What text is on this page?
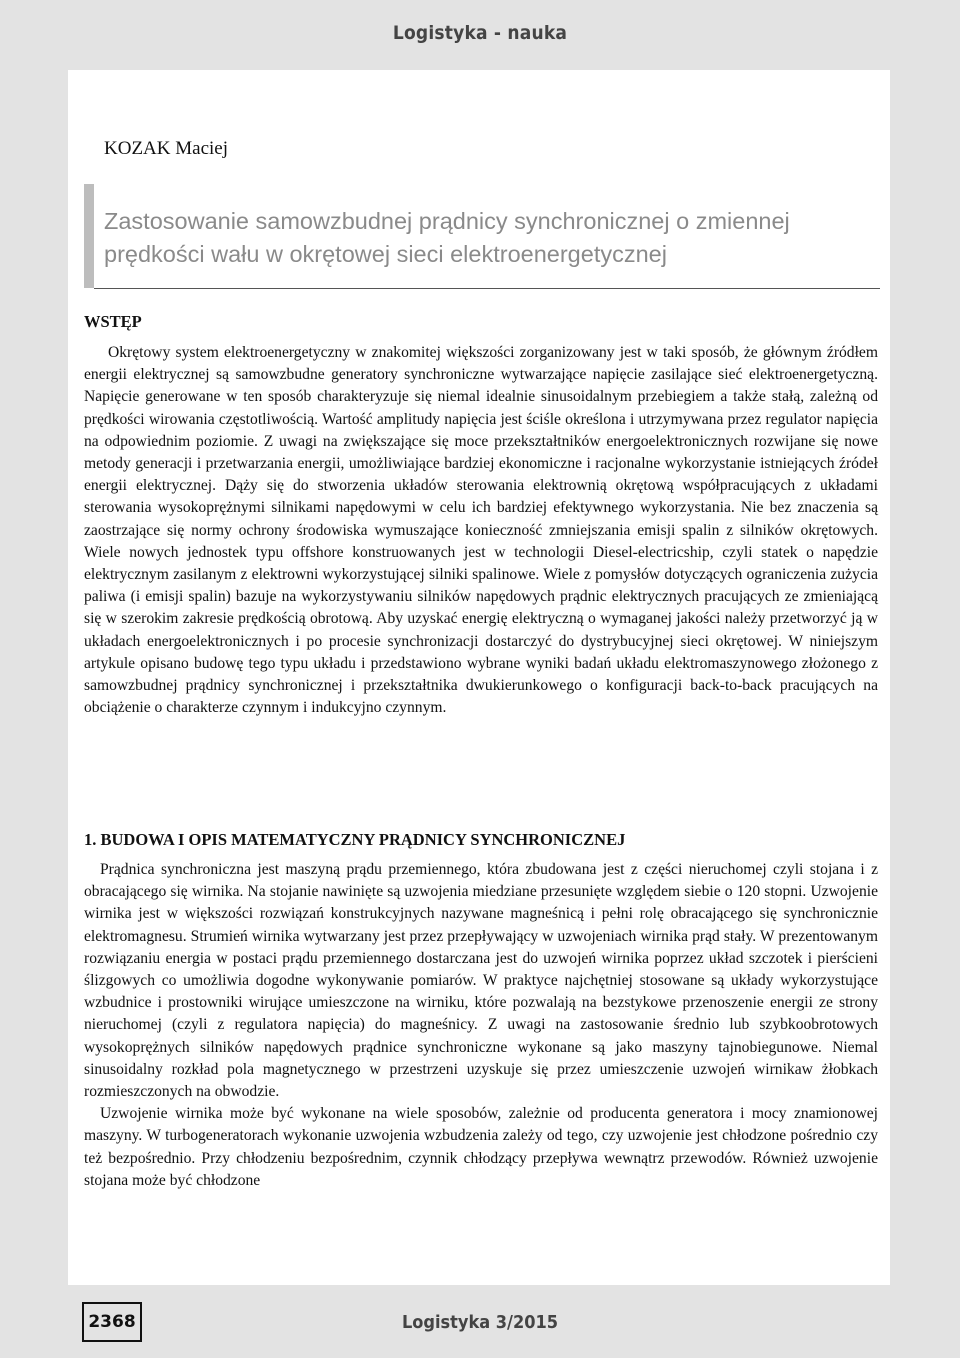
Logistyka - nauka
KOZAK Maciej
Zastosowanie samowzbudnej prądnicy synchronicznej o zmiennej prędkości wału w okrętowej sieci elektroenergetycznej
WSTĘP

Okrętowy system elektroenergetyczny w znakomitej większości zorganizowany jest w taki sposób, że głównym źródłem energii elektrycznej są samowzbudne generatory synchroniczne wytwarzające napięcie zasilające sieć elektroenergetyczną. Napięcie generowane w ten sposób charakteryzuje się niemal idealnie sinusoidalnym przebiegiem a także stałą, zależną od prędkości wirowania częstotliwością. Wartość amplitudy napięcia jest ściśle określona i utrzymywana przez regulator napięcia na odpowiednim poziomie. Z uwagi na zwiększające się moce przekształtników energoelektronicznych rozwijane się nowe metody generacji i przetwarzania energii, umożliwiające bardziej ekonomiczne i racjonalne wykorzystanie istniejących źródeł energii elektrycznej. Dąży się do stworzenia układów sterowania elektrownią okrętową współpracujących z układami sterowania wysokoprężnymi silnikami napędowymi w celu ich bardziej efektywnego wykorzystania. Nie bez znaczenia są zaostrzające się normy ochrony środowiska wymuszające konieczność zmniejszania emisji spalin z silników okrętowych. Wiele nowych jednostek typu offshore konstruowanych jest w technologii Diesel-electricship, czyli statek o napędzie elektrycznym zasilanym z elektrowni wykorzystującej silniki spalinowe. Wiele z pomysłów dotyczących ograniczenia zużycia paliwa (i emisji spalin) bazuje na wykorzystywaniu silników napędowych prądnic elektrycznych pracujących ze zmieniającą się w szerokim zakresie prędkością obrotową. Aby uzyskać energię elektryczną o wymaganej jakości należy przetworzyć ją w układach energoelektronicznych i po procesie synchronizacji dostarczyć do dystrybucyjnej sieci okrętowej. W niniejszym artykule opisano budowę tego typu układu i przedstawiono wybrane wyniki badań układu elektromaszynowego złożonego z samowzbudnej prądnicy synchronicznej i przekształtnika dwukierunkowego o konfiguracji back-to-back pracujących na obciążenie o charakterze czynnym i indukcyjno czynnym.

1. BUDOWA I OPIS MATEMATYCZNY PRĄDNICY SYNCHRONICZNEJ

Prądnica synchroniczna jest maszyną prądu przemiennego, która zbudowana jest z części nieruchomej czyli stojana i z obracającego się wirnika. Na stojanie nawinięte są uzwojenia miedziane przesunięte względem siebie o 120 stopni. Uzwojenie wirnika jest w większości rozwiązań konstrukcyjnych nazywane magneśnicą i pełni rolę obracającego się synchronicznie elektromagnesu. Strumień wirnika wytwarzany jest przez przepływający w uzwojeniach wirnika prąd stały. W prezentowanym rozwiązaniu energia w postaci prądu przemiennego dostarczana jest do uzwojeń wirnika poprzez układ szczotek i pierścieni ślizgowych co umożliwia dogodne wykonywanie pomiarów. W praktyce najchętniej stosowane są układy wykorzystujące wzbudnice i prostowniki wirujące umieszczone na wirniku, które pozwalają na bezstykowe przenoszenie energii ze strony nieruchomej (czyli z regulatora napięcia) do magneśnicy. Z uwagi na zastosowanie średnio lub szybkoobrotowych wysokoprężnych silników napędowych prądnice synchroniczne wykonane są jako maszyny tajnobiegunowe. Niemal sinusoidalny rozkład pola magnetycznego w przestrzeni uzyskuje się przez umieszczenie uzwojeń wirnikaw żłobkach rozmieszczonych na obwodzie.

Uzwojenie wirnika może być wykonane na wiele sposobów, zależnie od producenta generatora i mocy znamionowej maszyny. W turbogeneratorach wykonanie uzwojenia wzbudzenia zależy od tego, czy uzwojenie jest chłodzone pośrednio czy też bezpośrednio. Przy chłodzeniu bezpośrednim, czynnik chłodzący przepływa wewnątrz przewodów. Również uzwojenie stojana może być chłodzone

2368	Logistyka 3/2015
